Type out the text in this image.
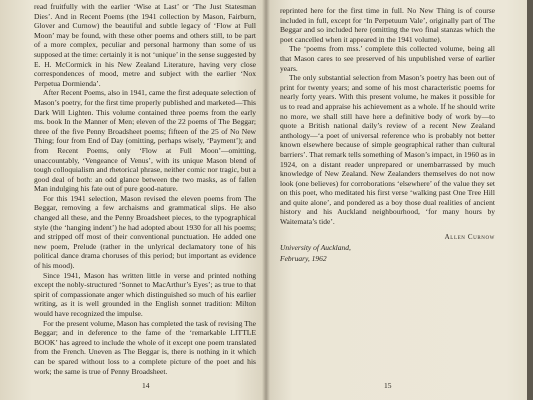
read fruitfully with the earlier ‘Wise at Last’ or ‘The Just Statesman Dies’. And in Recent Poems (the 1941 collection by Mason, Fairburn, Glover and Curnow) the beautiful and subtle legacy of ‘Flow at Full Moon’ may be found, with these other poems and others still, to be part of a more complex, peculiar and personal harmony than some of us supposed at the time: certainly it is not ‘unique’ in the sense suggested by E. H. McCormick in his New Zealand Literature, having very close correspondences of mood, metre and subject with the earlier ‘Nox Perpetua Dormienda’.

After Recent Poems, also in 1941, came the first adequate selection of Mason’s poetry, for the first time properly published and marketed—This Dark Will Lighten. This volume contained three poems from the early ms. book In the Manner of Men; eleven of the 22 poems of The Beggar; three of the five Penny Broadsheet poems; fifteen of the 25 of No New Thing; four from End of Day (omitting, perhaps wisely, ‘Payment’); and from Recent Poems, only ‘Flow at Full Moon’—omitting, unaccountably, ‘Vengeance of Venus’, with its unique Mason blend of tough colloquialism and rhetorical phrase, neither comic nor tragic, but a good deal of both: an odd glance between the two masks, as of fallen Man indulging his fate out of pure good-nature.

For this 1941 selection, Mason revised the eleven poems from The Beggar, removing a few archaisms and grammatical slips. He also changed all these, and the Penny Broadsheet pieces, to the typographical style (the ‘hanging indent’) he had adopted about 1930 for all his poems; and stripped off most of their conventional punctuation. He added one new poem, Prelude (rather in the unlyrical declamatory tone of his political dance drama choruses of this period; but important as evidence of his mood).

Since 1941, Mason has written little in verse and printed nothing except the nobly-structured ‘Sonnet to MacArthur’s Eyes’; as true to that spirit of compassionate anger which distinguished so much of his earlier writing, as it is well grounded in the English sonnet tradition: Milton would have recognized the impulse.

For the present volume, Mason has completed the task of revising The Beggar; and in deference to the fame of the ‘remarkable LITTLE BOOK’ has agreed to include the whole of it except one poem translated from the French. Uneven as The Beggar is, there is nothing in it which can be spared without loss to a complete picture of the poet and his work; the same is true of Penny Broadsheet.

14

reprinted here for the first time in full. No New Thing is of course included in full, except for ‘In Perpetuum Vale’, originally part of The Beggar and so included here (omitting the two final stanzas which the poet cancelled when it appeared in the 1941 volume).

The ‘poems from mss.’ complete this collected volume, being all that Mason cares to see preserved of his unpublished verse of earlier years.

The only substantial selection from Mason’s poetry has been out of print for twenty years; and some of his most characteristic poems for nearly forty years. With this present volume, he makes it possible for us to read and appraise his achievement as a whole. If he should write no more, we shall still have here a definitive body of work by—to quote a British national daily’s review of a recent New Zealand anthology—‘a poet of universal reference who is probably not better known elsewhere because of simple geographical rather than cultural barriers’. That remark tells something of Mason’s impact, in 1960 as in 1924, on a distant reader unprepared or unembarrassed by much knowledge of New Zealand. New Zealanders themselves do not now look (one believes) for corroborations ‘elsewhere’ of the value they set on this poet, who meditated his first verse ‘walking past One Tree Hill and quite alone’, and pondered as a boy those dual realities of ancient history and his Auckland neighbourhood, ‘for many hours by Waitemata’s tide’.

Allen Curnow
University of Auckland,
February, 1962
15
